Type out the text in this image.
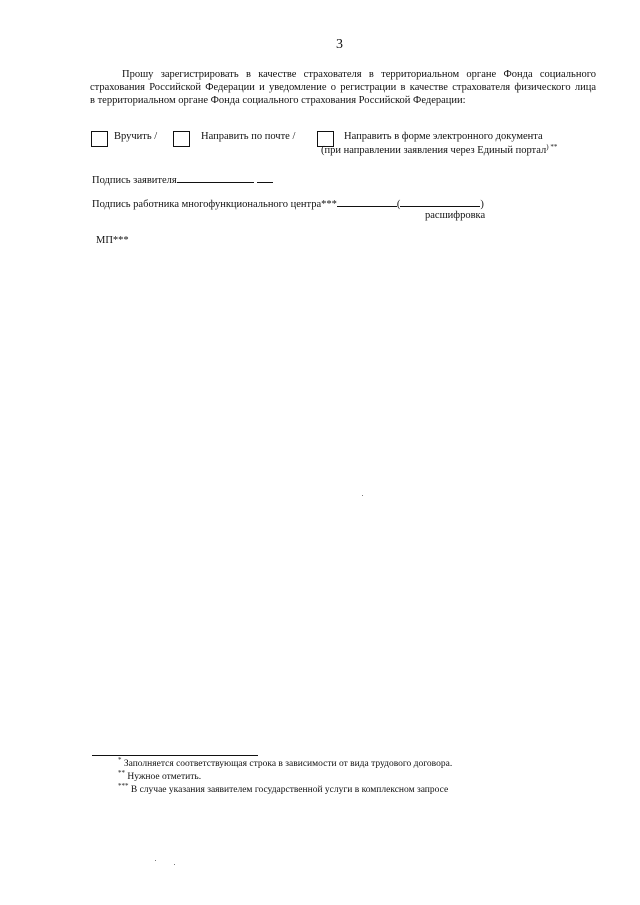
3

Прошу зарегистрировать в качестве страхователя в территориальном органе Фонда социального

страхования Российской Федерации и уведомление о регистрации в качестве страхователя физического лица

в территориальном органе Фонда социального страхования Российской Федерации:

Вручить /	Направить по почте /	Направить в форме электронного документа
(при направлении заявления через Единый портал) **
Подпись заявителя
Подпись работника многофункционального центра***	(	)
расшифровка
МП***
* Заполняется соответствующая строка в зависимости от вида трудового договора.
** Нужное отметить.
*** В случае указания заявителем государственной услуги в комплексном запросе
